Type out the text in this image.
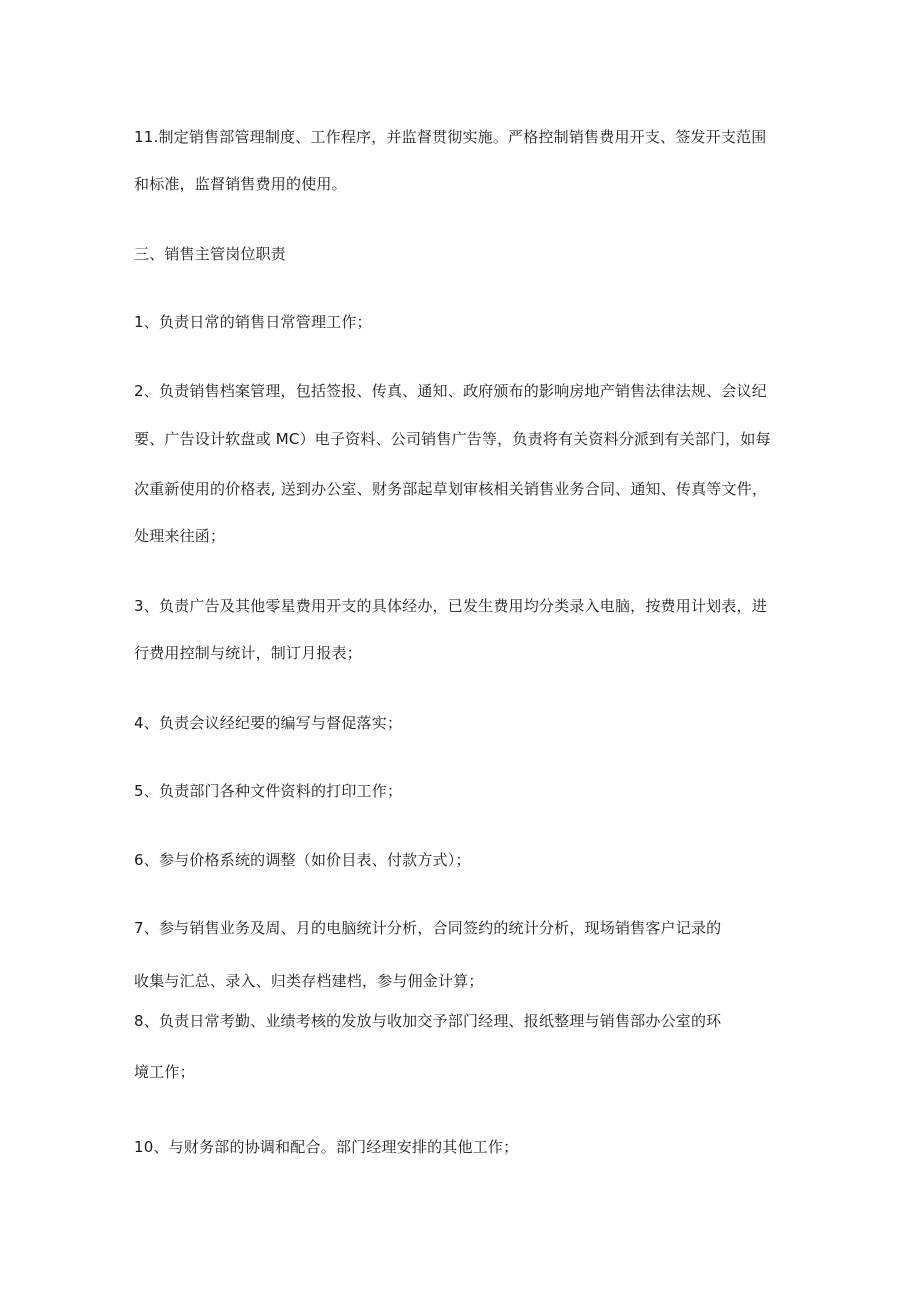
11.制定销售部管理制度、工作程序，并监督贯彻实施。严格控制销售费用开支、签发开支范围
和标准，监督销售费用的使用。
三、销售主管岗位职责
1、负责日常的销售日常管理工作；
2、负责销售档案管理，包括签报、传真、通知、政府颁布的影响房地产销售法律法规、会议纪
要、广告设计软盘或 MC）电子资料、公司销售广告等，负责将有关资料分派到有关部门，如每
次重新使用的价格表, 送到办公室、财务部起草划审核相关销售业务合同、通知、传真等文件，
处理来往函；
3、负责广告及其他零星费用开支的具体经办，已发生费用均分类录入电脑，按费用计划表，进
行费用控制与统计，制订月报表；
4、负责会议经纪要的编写与督促落实；
5、负责部门各种文件资料的打印工作；
6、参与价格系统的调整（如价目表、付款方式）；
7、参与销售业务及周、月的电脑统计分析，合同签约的统计分析，现场销售客户记录的
收集与汇总、录入、归类存档建档，参与佣金计算；
8、负责日常考勤、业绩考核的发放与收加交予部门经理、报纸整理与销售部办公室的环
境工作；
10、与财务部的协调和配合。部门经理安排的其他工作；
